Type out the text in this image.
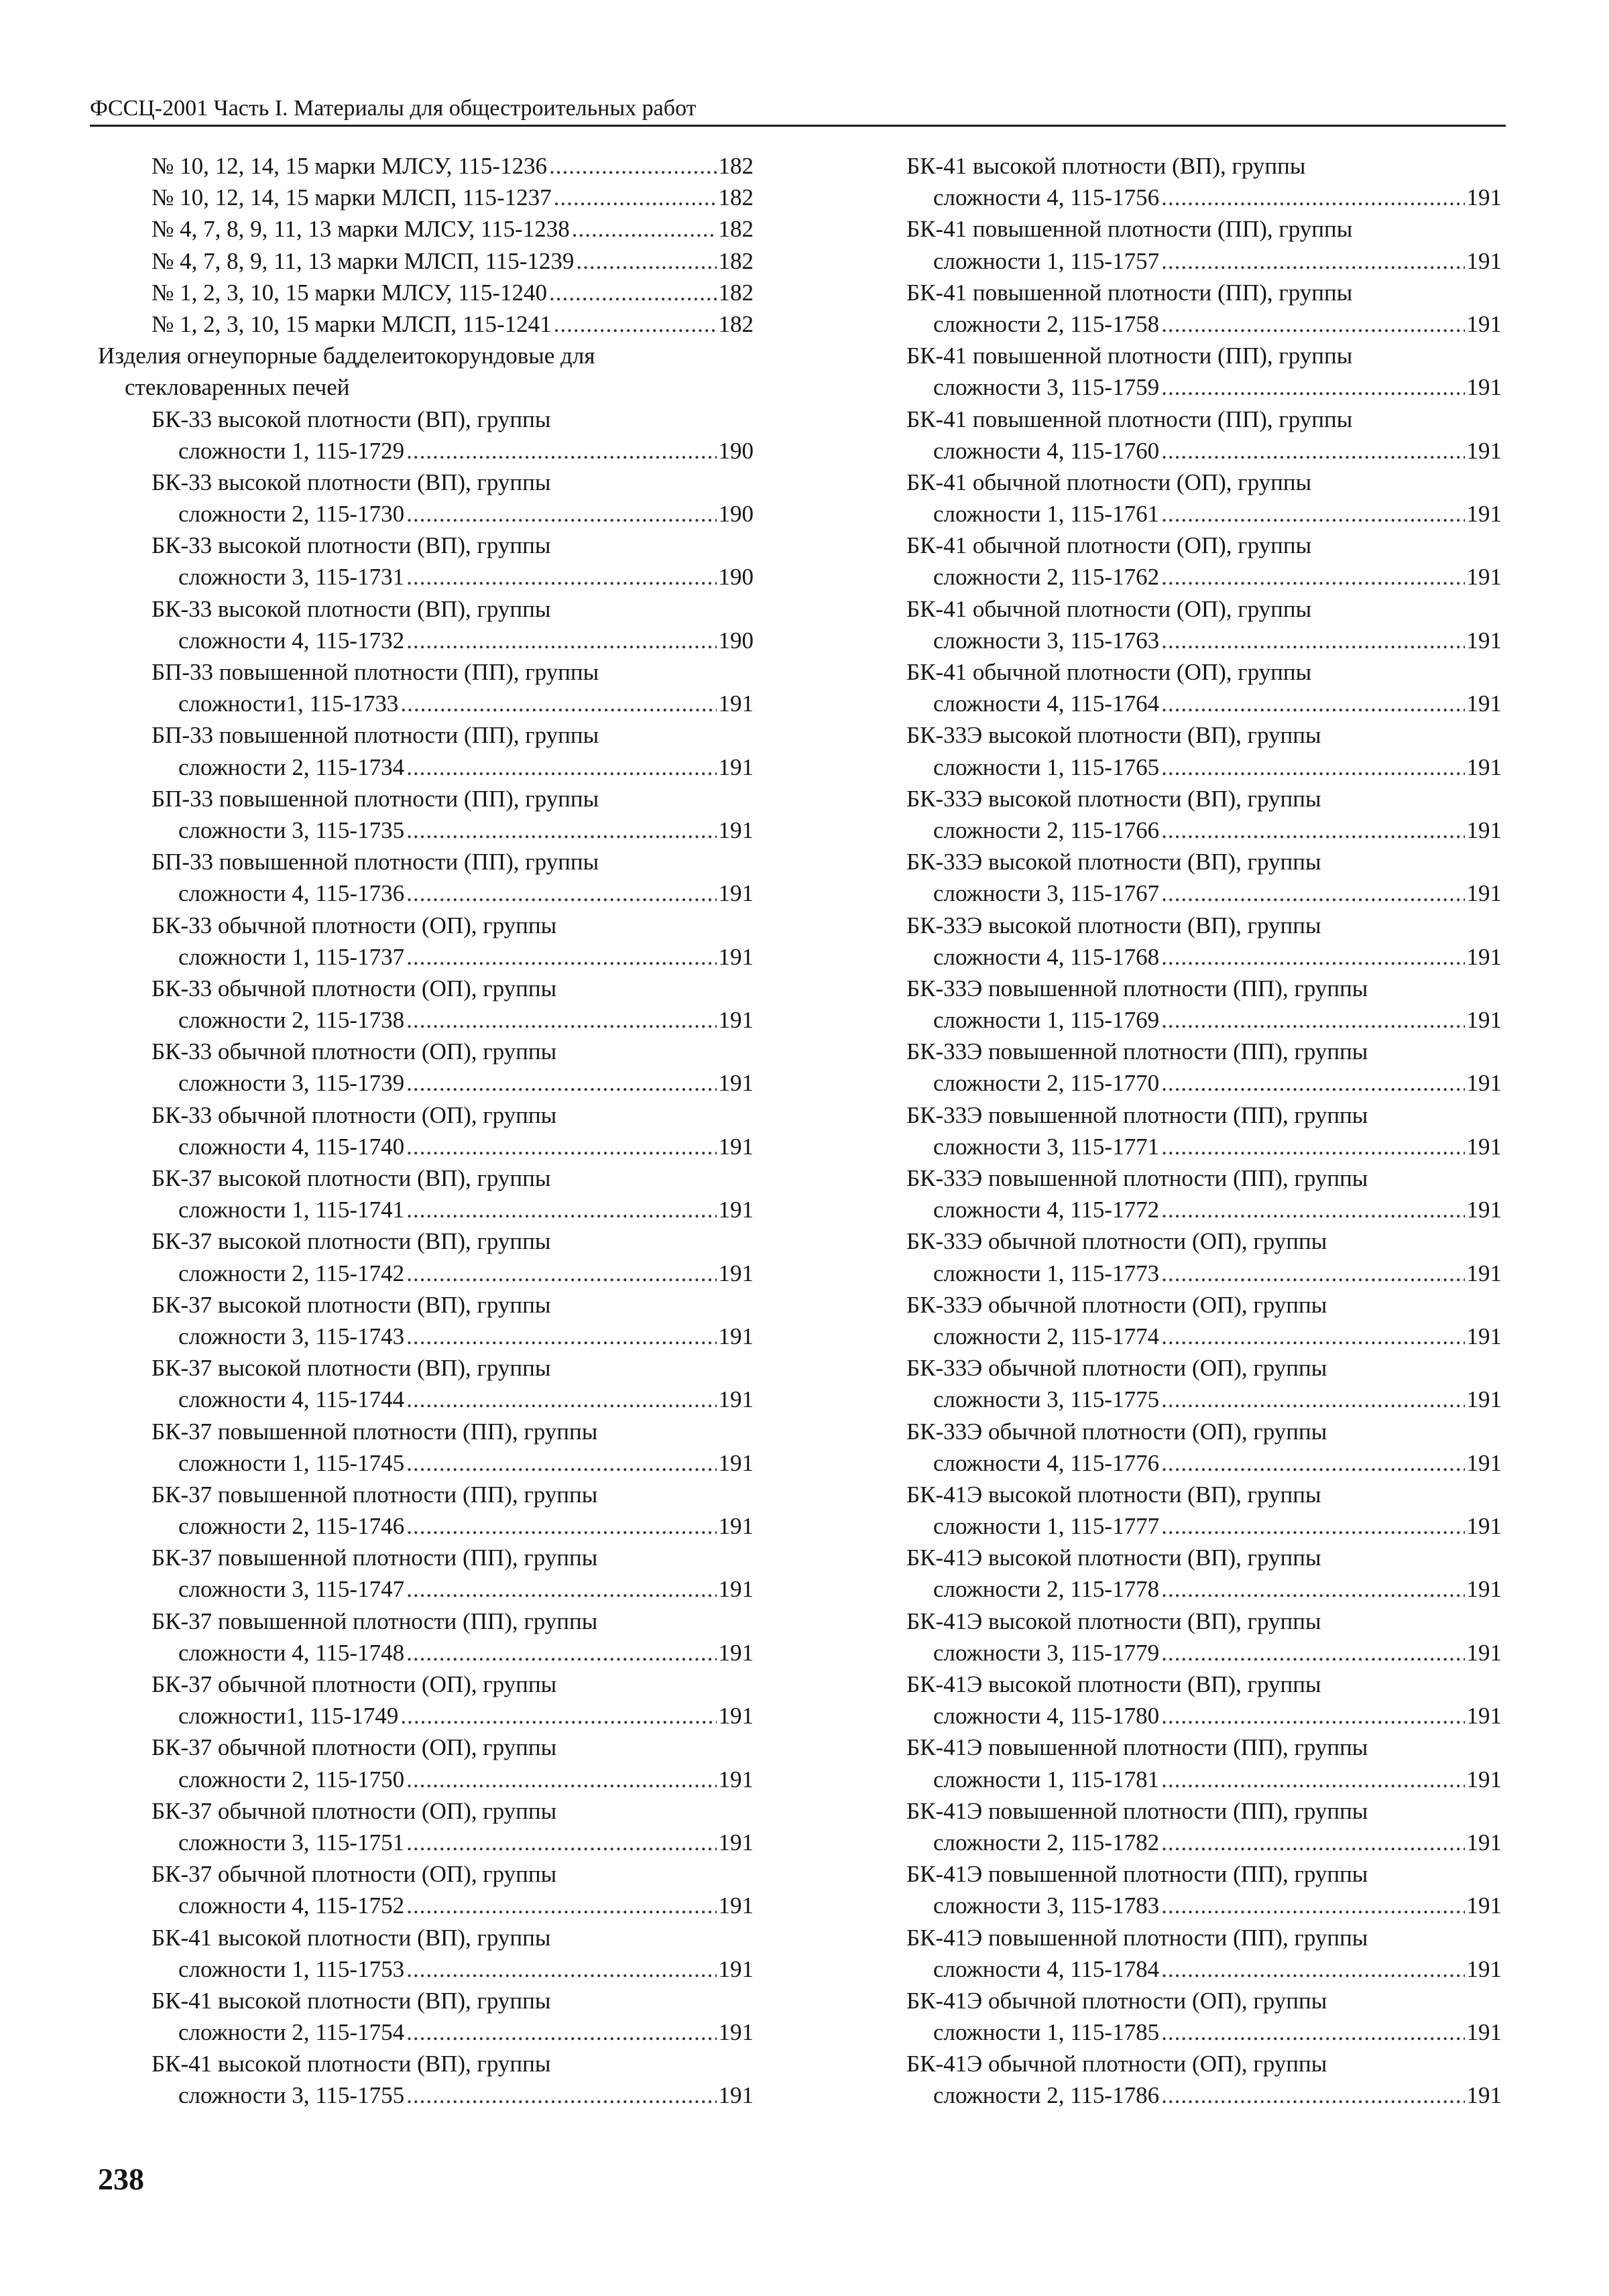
ФССЦ-2001 Часть I. Материалы для общестроительных работ
№ 10, 12, 14, 15 марки МЛСУ, 115-1236 .....	182
№ 10, 12, 14, 15 марки МЛСП, 115-1237 .....	182
№ 4, 7, 8, 9, 11, 13 марки МЛСУ, 115-1238 .....	182
№ 4, 7, 8, 9, 11, 13 марки МЛСП, 115-1239 .....	182
№ 1, 2, 3, 10, 15 марки МЛСУ, 115-1240 .....	182
№ 1, 2, 3, 10, 15 марки МЛСП, 115-1241 .....	182
Изделия огнеупорные бадделеитокорундовые для
стекловаренных печей
БК-33 высокой плотности (ВП), группы
сложности 1, 115-1729 .....	190
БК-33 высокой плотности (ВП), группы
сложности 2, 115-1730 .....	190
БК-33 высокой плотности (ВП), группы
сложности 3, 115-1731 .....	190
БК-33 высокой плотности (ВП), группы
сложности 4, 115-1732 .....	190
БП-33 повышенной плотности (ПП), группы
сложности1, 115-1733 .....	191
БП-33 повышенной плотности (ПП), группы
сложности 2, 115-1734 .....	191
БП-33 повышенной плотности (ПП), группы
сложности 3, 115-1735 .....	191
БП-33 повышенной плотности (ПП), группы
сложности 4, 115-1736 .....	191
БК-33 обычной плотности (ОП), группы
сложности 1, 115-1737 .....	191
БК-33 обычной плотности (ОП), группы
сложности 2, 115-1738 .....	191
БК-33 обычной плотности (ОП), группы
сложности 3, 115-1739 .....	191
БК-33 обычной плотности (ОП), группы
сложности 4, 115-1740 .....	191
БК-37 высокой плотности (ВП), группы
сложности 1, 115-1741 .....	191
БК-37 высокой плотности (ВП), группы
сложности 2, 115-1742 .....	191
БК-37 высокой плотности (ВП), группы
сложности 3, 115-1743 .....	191
БК-37 высокой плотности (ВП), группы
сложности 4, 115-1744 .....	191
БК-37 повышенной плотности (ПП), группы
сложности 1, 115-1745 .....	191
БК-37 повышенной плотности (ПП), группы
сложности 2, 115-1746 .....	191
БК-37 повышенной плотности (ПП), группы
сложности 3, 115-1747 .....	191
БК-37 повышенной плотности (ПП), группы
сложности 4, 115-1748 .....	191
БК-37 обычной плотности (ОП), группы
сложности1, 115-1749 .....	191
БК-37 обычной плотности (ОП), группы
сложности 2, 115-1750 .....	191
БК-37 обычной плотности (ОП), группы
сложности 3, 115-1751 .....	191
БК-37 обычной плотности (ОП), группы
сложности 4, 115-1752 .....	191
БК-41 высокой плотности (ВП), группы
сложности 1, 115-1753 .....	191
БК-41 высокой плотности (ВП), группы
сложности 2, 115-1754 .....	191
БК-41 высокой плотности (ВП), группы
сложности 3, 115-1755 .....	191
БК-41 высокой плотности (ВП), группы
сложности 4, 115-1756 .....	191
БК-41 повышенной плотности (ПП), группы
сложности 1, 115-1757 .....	191
БК-41 повышенной плотности (ПП), группы
сложности 2, 115-1758 .....	191
БК-41 повышенной плотности (ПП), группы
сложности 3, 115-1759 .....	191
БК-41 повышенной плотности (ПП), группы
сложности 4, 115-1760 .....	191
БК-41 обычной плотности (ОП), группы
сложности 1, 115-1761 .....	191
БК-41 обычной плотности (ОП), группы
сложности 2, 115-1762 .....	191
БК-41 обычной плотности (ОП), группы
сложности 3, 115-1763 .....	191
БК-41 обычной плотности (ОП), группы
сложности 4, 115-1764 .....	191
БК-33Э высокой плотности (ВП), группы
сложности 1, 115-1765 .....	191
БК-33Э высокой плотности (ВП), группы
сложности 2, 115-1766 .....	191
БК-33Э высокой плотности (ВП), группы
сложности 3, 115-1767 .....	191
БК-33Э высокой плотности (ВП), группы
сложности 4, 115-1768 .....	191
БК-33Э повышенной плотности (ПП), группы
сложности 1, 115-1769 .....	191
БК-33Э повышенной плотности (ПП), группы
сложности 2, 115-1770 .....	191
БК-33Э повышенной плотности (ПП), группы
сложности 3, 115-1771 .....	191
БК-33Э повышенной плотности (ПП), группы
сложности 4, 115-1772 .....	191
БК-33Э обычной плотности (ОП), группы
сложности 1, 115-1773 .....	191
БК-33Э обычной плотности (ОП), группы
сложности 2, 115-1774 .....	191
БК-33Э обычной плотности (ОП), группы
сложности 3, 115-1775 .....	191
БК-33Э обычной плотности (ОП), группы
сложности 4, 115-1776 .....	191
БК-41Э высокой плотности (ВП), группы
сложности 1, 115-1777 .....	191
БК-41Э высокой плотности (ВП), группы
сложности 2, 115-1778 .....	191
БК-41Э высокой плотности (ВП), группы
сложности 3, 115-1779 .....	191
БК-41Э высокой плотности (ВП), группы
сложности 4, 115-1780 .....	191
БК-41Э повышенной плотности (ПП), группы
сложности 1, 115-1781 .....	191
БК-41Э повышенной плотности (ПП), группы
сложности 2, 115-1782 .....	191
БК-41Э повышенной плотности (ПП), группы
сложности 3, 115-1783 .....	191
БК-41Э повышенной плотности (ПП), группы
сложности 4, 115-1784 .....	191
БК-41Э обычной плотности (ОП), группы
сложности 1, 115-1785 .....	191
БК-41Э обычной плотности (ОП), группы
сложности 2, 115-1786 .....	191
238
